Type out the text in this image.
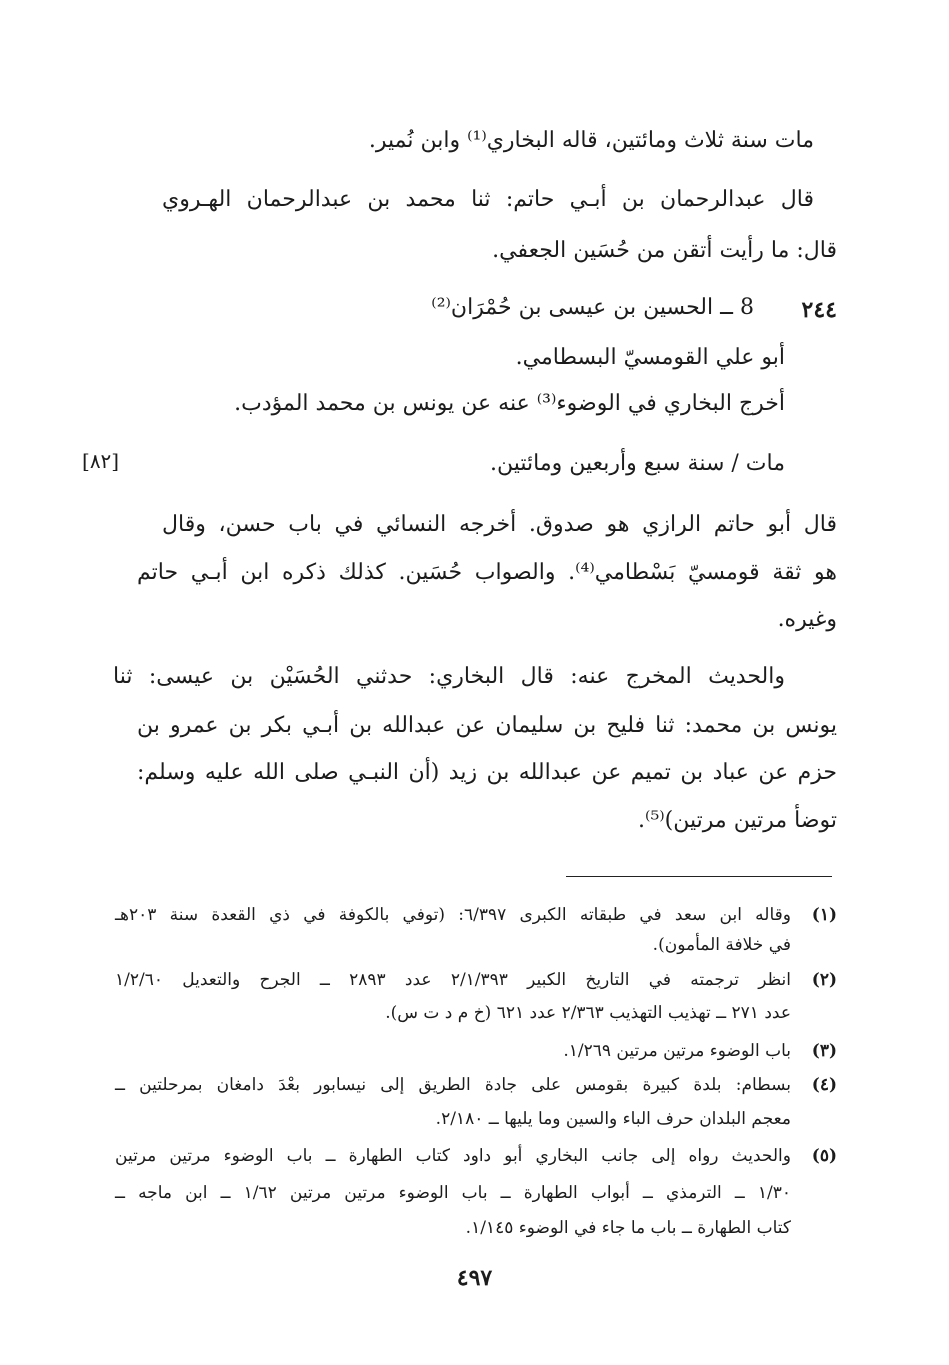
مات سنة ثلاث ومائتين، قاله البخاري⁽¹⁾ وابن نُمير.
قال عبدالرحمان بن أبـي حاتم: ثنا محمد بن عبدالرحمان الهـروي
قال: ما رأيت أتقن من حُسَين الجعفي.
٢٤٤
8 ــ الحسين بن عيسى بن حُمْرَان⁽²⁾
أبو علي القومسيّ البسطامي.
أخرج البخاري في الوضوء⁽³⁾ عنه عن يونس بن محمد المؤدب.
[٨٢]	مات / سنة سبع وأربعين ومائتين.
قال أبو حاتم الرازي هو صدوق. أخرجه النسائي في باب حسن، وقال
هو ثقة قومسيّ بَسْطامي⁽⁴⁾. والصواب حُسَين. كذلك ذكره ابن أبـي حاتم
وغيره.
والحديث المخرج عنه: قال البخاري: حدثني الحُسَيْن بن عيسى: ثنا
يونس بن محمد: ثنا فليح بن سليمان عن عبدالله بن أبـي بكر بن عمرو بن
حزم عن عباد بن تميم عن عبدالله بن زيد (أن النبـي صلى الله عليه وسلم:
توضأ مرتين مرتين)⁽⁵⁾.
(١)
وقاله ابن سعد في طبقاته الكبرى ٦/٣٩٧: (توفي بالكوفة في ذي القعدة سنة ٢٠٣هـ
في خلافة المأمون).
(٢)
انظر ترجمته في التاريخ الكبير ٢/١/٣٩٣ عدد ٢٨٩٣ ــ الجرح والتعديل ١/٢/٦٠
عدد ٢٧١ ــ تهذيب التهذيب ٢/٣٦٣ عدد ٦٢١ (خ م د ت س).
(٣)
باب الوضوء مرتين مرتين ١/٢٦٩.
(٤)
بسطام: بلدة كبيرة بقومس على جادة الطريق إلى نيسابور بعْدَ دامغان بمرحلتين ــ
معجم البلدان حرف الباء والسين وما يليها ــ ٢/١٨٠.
(٥)
والحديث رواه إلى جانب البخاري أبو داود كتاب الطهارة ــ باب الوضوء مرتين مرتين
١/٣٠ ــ الترمذي ــ أبواب الطهارة ــ باب الوضوء مرتين مرتين ١/٦٢ ــ ابن ماجه ــ
كتاب الطهارة ــ باب ما جاء في الوضوء ١/١٤٥.
٤٩٧
